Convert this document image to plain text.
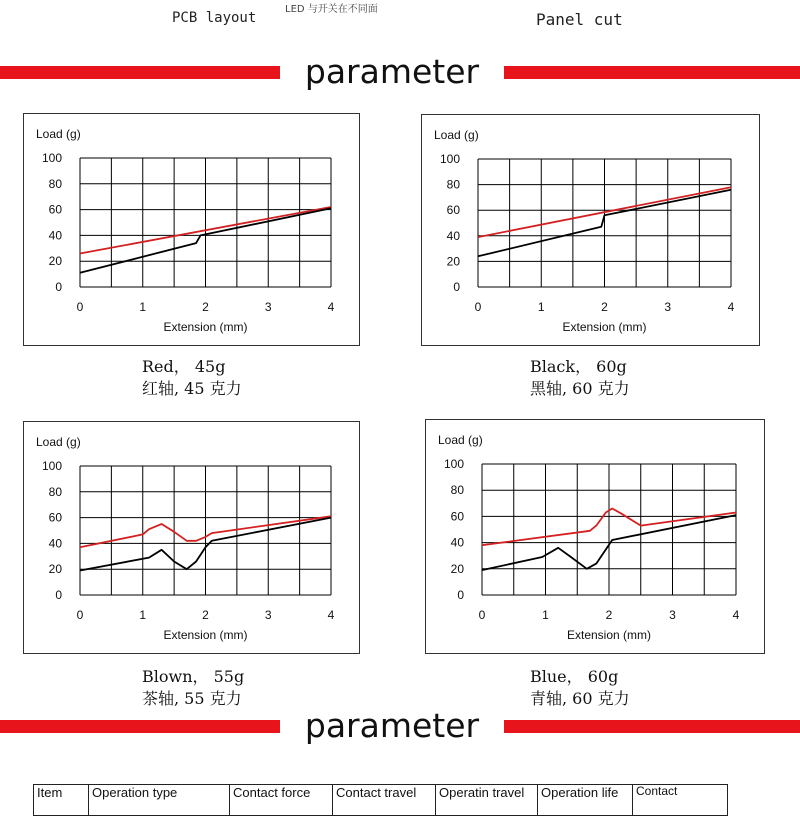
LED 与开关在不同面
PCB layout	Panel cut
parameter
Load (g)
0
20
40
60
80
100
0	1	2	3	4
Extension (mm)
Load (g)
0
20
40
60
80
100
0	1	2	3	4
Extension (mm)
Red， 45g
红轴, 45 克力
Black， 60g
黑轴, 60 克力
Load (g)
0
20
40
60
80
100
0	1	2	3	4
Extension (mm)
Load (g)
0
20
40
60
80
100
0	1	2	3	4
Extension (mm)
Blown， 55g
茶轴, 55 克力
Blue， 60g
青轴, 60 克力
parameter
Item	Operation type	Contact force	Contact travel	Operatin travel	Operation life	Contact
